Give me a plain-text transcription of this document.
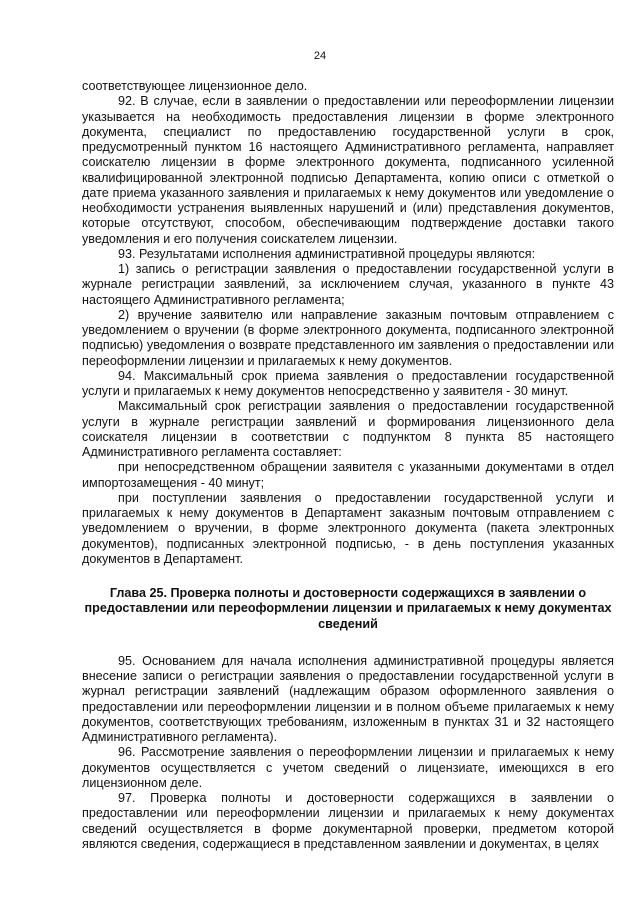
24

соответствующее лицензионное дело.

92. В случае, если в заявлении о предоставлении или переоформлении лицензии указывается на необходимость предоставления лицензии в форме электронного документа, специалист по предоставлению государственной услуги в срок, предусмотренный пунктом 16 настоящего Административного регламента, направляет соискателю лицензии в форме электронного документа, подписанного усиленной квалифицированной электронной подписью Департамента, копию описи с отметкой о дате приема указанного заявления и прилагаемых к нему документов или уведомление о необходимости устранения выявленных нарушений и (или) представления документов, которые отсутствуют, способом, обеспечивающим подтверждение доставки такого уведомления и его получения соискателем лицензии.

93. Результатами исполнения административной процедуры являются:

1) запись о регистрации заявления о предоставлении государственной услуги в журнале регистрации заявлений, за исключением случая, указанного в пункте 43 настоящего Административного регламента;

2) вручение заявителю или направление заказным почтовым отправлением с уведомлением о вручении (в форме электронного документа, подписанного электронной подписью) уведомления о возврате представленного им заявления о предоставлении или переоформлении лицензии и прилагаемых к нему документов.

94. Максимальный срок приема заявления о предоставлении государственной услуги и прилагаемых к нему документов непосредственно у заявителя - 30 минут.

Максимальный срок регистрации заявления о предоставлении государственной услуги в журнале регистрации заявлений и формирования лицензионного дела соискателя лицензии в соответствии с подпунктом 8 пункта 85 настоящего Административного регламента составляет:

при непосредственном обращении заявителя с указанными документами в отдел импортозамещения - 40 минут;

при поступлении заявления о предоставлении государственной услуги и прилагаемых к нему документов в Департамент заказным почтовым отправлением с уведомлением о вручении, в форме электронного документа (пакета электронных документов), подписанных электронной подписью, - в день поступления указанных документов в Департамент.

Глава 25. Проверка полноты и достоверности содержащихся в заявлении о предоставлении или переоформлении лицензии и прилагаемых к нему документах сведений

95. Основанием для начала исполнения административной процедуры является внесение записи о регистрации заявления о предоставлении государственной услуги в журнал регистрации заявлений (надлежащим образом оформленного заявления о предоставлении или переоформлении лицензии и в полном объеме прилагаемых к нему документов, соответствующих требованиям, изложенным в пунктах 31 и 32 настоящего Административного регламента).

96. Рассмотрение заявления о переоформлении лицензии и прилагаемых к нему документов осуществляется с учетом сведений о лицензиате, имеющихся в его лицензионном деле.

97. Проверка полноты и достоверности содержащихся в заявлении о предоставлении или переоформлении лицензии и прилагаемых к нему документах сведений осуществляется в форме документарной проверки, предметом которой являются сведения, содержащиеся в представленном заявлении и документах, в целях
